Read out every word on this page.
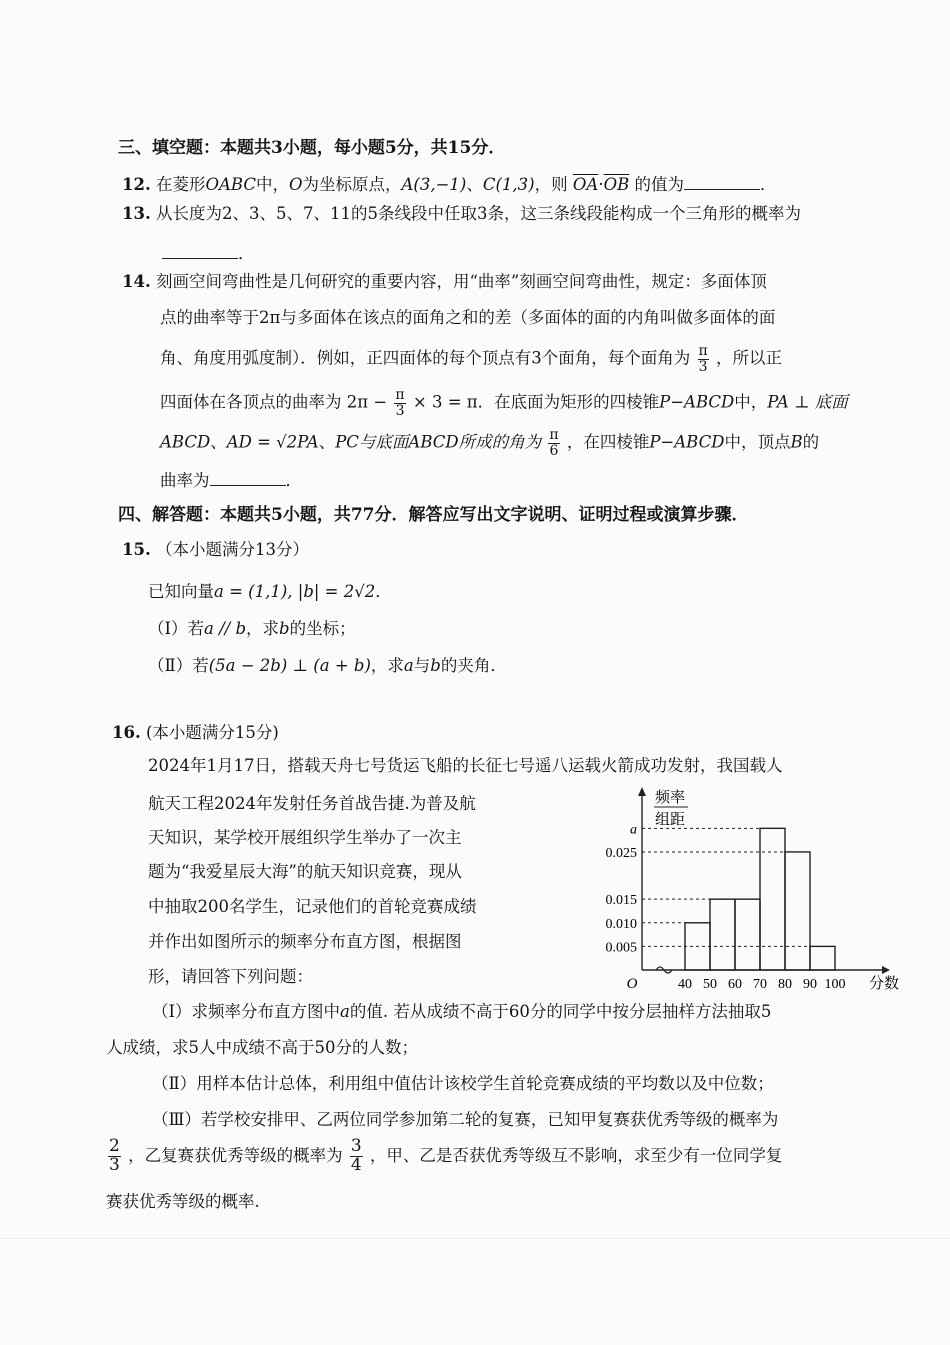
三、填空题：本题共3小题，每小题5分，共15分．
12. 在菱形OABC中，O为坐标原点，A(3,−1)、C(1,3)，则 $\overline{OA}\cdot\overline{OB}$ 的值为	．
13. 从长度为2、3、5、7、11的5条线段中任取3条，这三条线段能构成一个三角形的概率为
．
14. 刻画空间弯曲性是几何研究的重要内容，用“曲率”刻画空间弯曲性，规定：多面体顶
点的曲率等于2π与多面体在该点的面角之和的差（多面体的面的内角叫做多面体的面
角、角度用弧度制）．例如，正四面体的每个顶点有3个面角，每个面角为 $\frac{\pi}{3}$ ，所以正
四面体在各顶点的曲率为 $2\pi - \frac{\pi}{3} \times 3 = \pi$．在底面为矩形的四棱锥P−ABCD中，PA ⊥ 底面
ABCD、AD = √2PA、PC与底面ABCD所成的角为 $\frac{\pi}{6}$ ，在四棱锥P−ABCD中，顶点B的
曲率为	．
四、解答题：本题共5小题，共77分．解答应写出文字说明、证明过程或演算步骤．
15. （本小题满分13分）
已知向量a = (1,1), |b| = 2√2．
（Ⅰ）若a // b，求b的坐标；
（Ⅱ）若(5a − 2b) ⊥ (a + b)，求a与b的夹角．
16. (本小题满分15分)
2024年1月17日，搭载天舟七号货运飞船的长征七号遥八运载火箭成功发射，我国载人
航天工程2024年发射任务首战告捷.为普及航
天知识，某学校开展组织学生举办了一次主
题为“我爱星辰大海”的航天知识竞赛，现从
中抽取200名学生，记录他们的首轮竞赛成绩
并作出如图所示的频率分布直方图，根据图
形，请回答下列问题：
频率
组距
0.005
0.010
0.015
0.025
a
40 50 60 70 80 90 100 分数
O
（Ⅰ）求频率分布直方图中a的值. 若从成绩不高于60分的同学中按分层抽样方法抽取5
人成绩，求5人中成绩不高于50分的人数；
（Ⅱ）用样本估计总体，利用组中值估计该校学生首轮竞赛成绩的平均数以及中位数；
（Ⅲ）若学校安排甲、乙两位同学参加第二轮的复赛，已知甲复赛获优秀等级的概率为
$\frac{2}{3}$ ，乙复赛获优秀等级的概率为 $\frac{3}{4}$ ，甲、乙是否获优秀等级互不影响，求至少有一位同学复
赛获优秀等级的概率.
